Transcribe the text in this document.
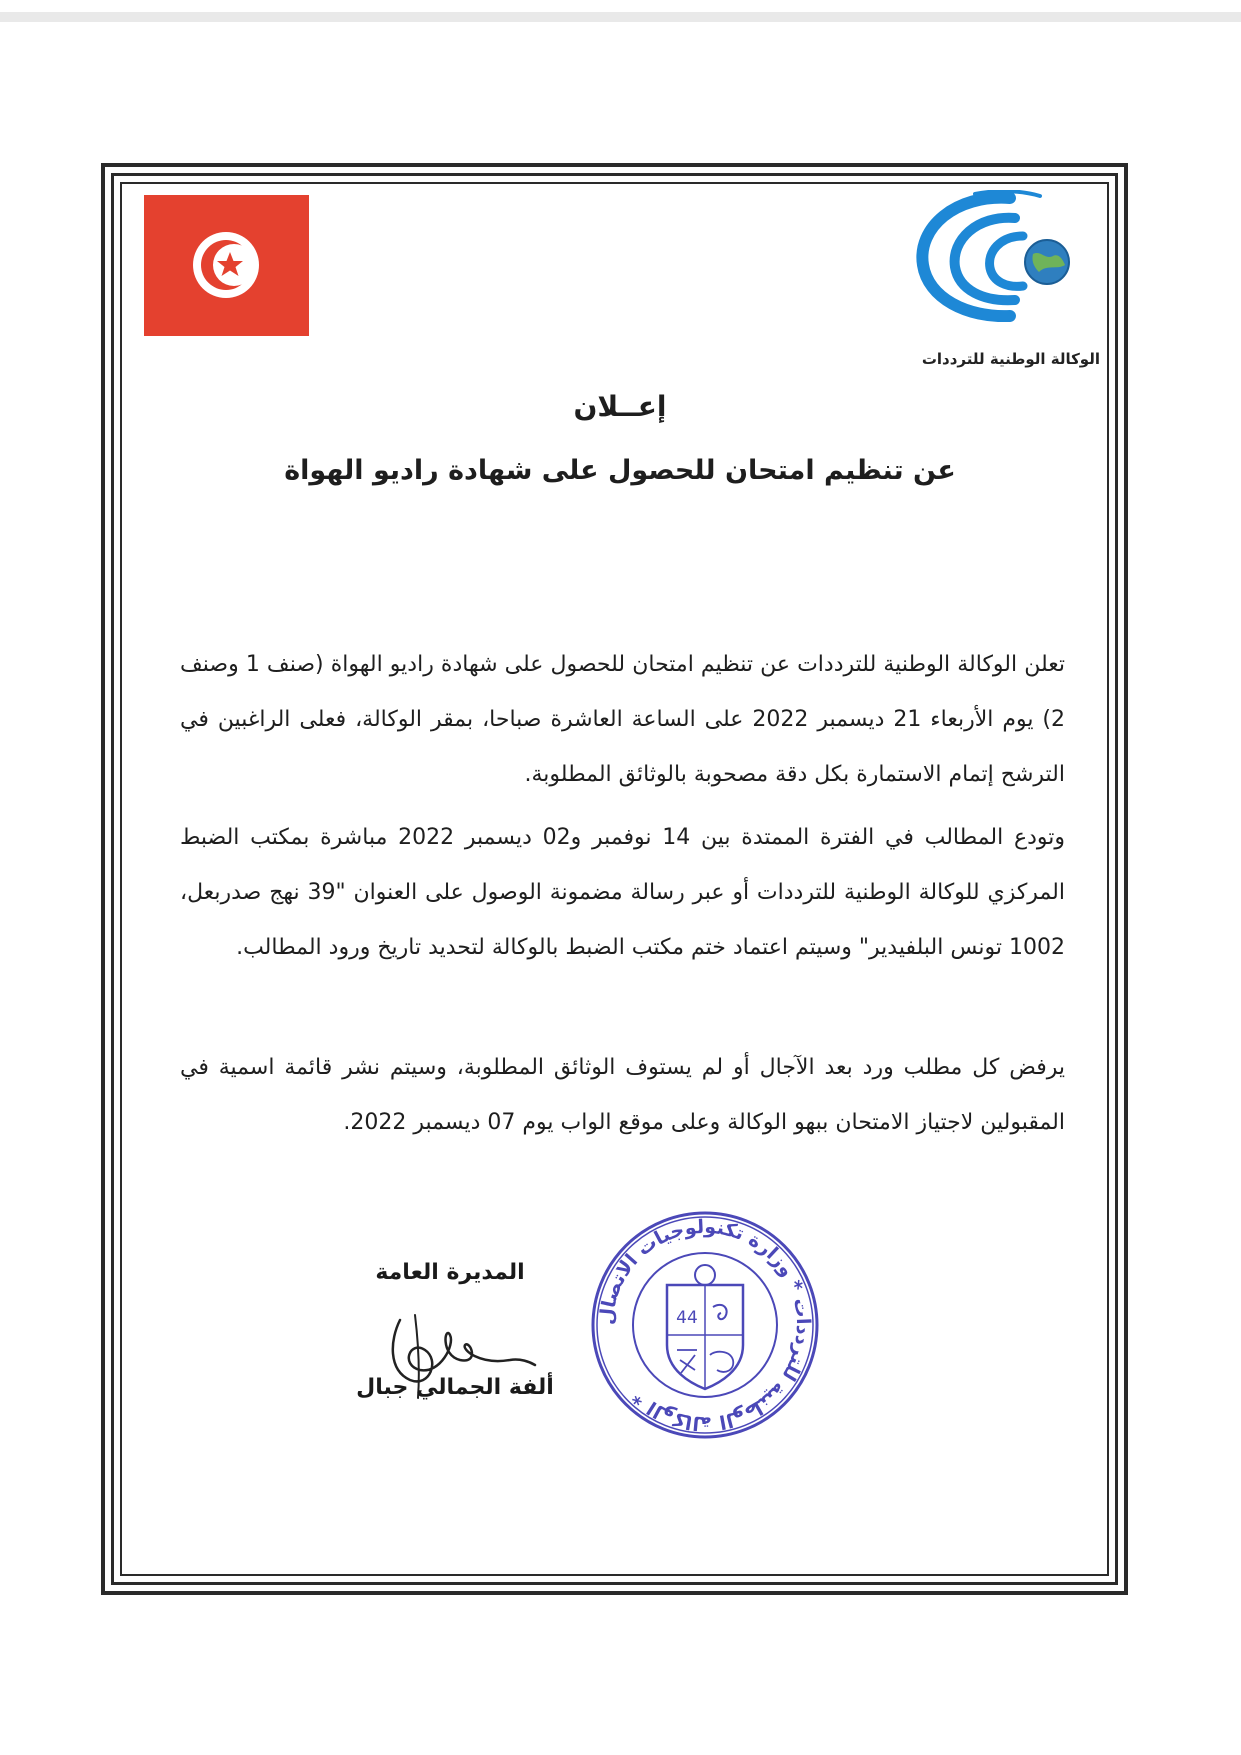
الوكالة الوطنية للترددات
إعــلان
عن تنظيم امتحان للحصول على شهادة راديو الهواة

تعلن الوكالة الوطنية للترددات عن تنظيم امتحان للحصول على شهادة راديو الهواة (صنف 1 وصنف 2) يوم الأربعاء 21 ديسمبر 2022 على الساعة العاشرة صباحا، بمقر الوكالة، فعلى الراغبين في الترشح إتمام الاستمارة بكل دقة مصحوبة بالوثائق المطلوبة.

وتودع المطالب في الفترة الممتدة بين 14 نوفمبر و02 ديسمبر 2022 مباشرة بمكتب الضبط المركزي للوكالة الوطنية للترددات أو عبر رسالة مضمونة الوصول على العنوان "39 نهج صدربعل، 1002 تونس البلفيدير" وسيتم اعتماد ختم مكتب الضبط بالوكالة لتحديد تاريخ ورود المطالب.

يرفض كل مطلب ورد بعد الآجال أو لم يستوف الوثائق المطلوبة، وسيتم نشر قائمة اسمية في المقبولين لاجتياز الامتحان ببهو الوكالة وعلى موقع الواب يوم 07 ديسمبر 2022.

المديرة العامة
ألفة الجمالي جبال
الوكالة الوطنية للترددات * وزارة تكنولوجيات الاتصال *
44
